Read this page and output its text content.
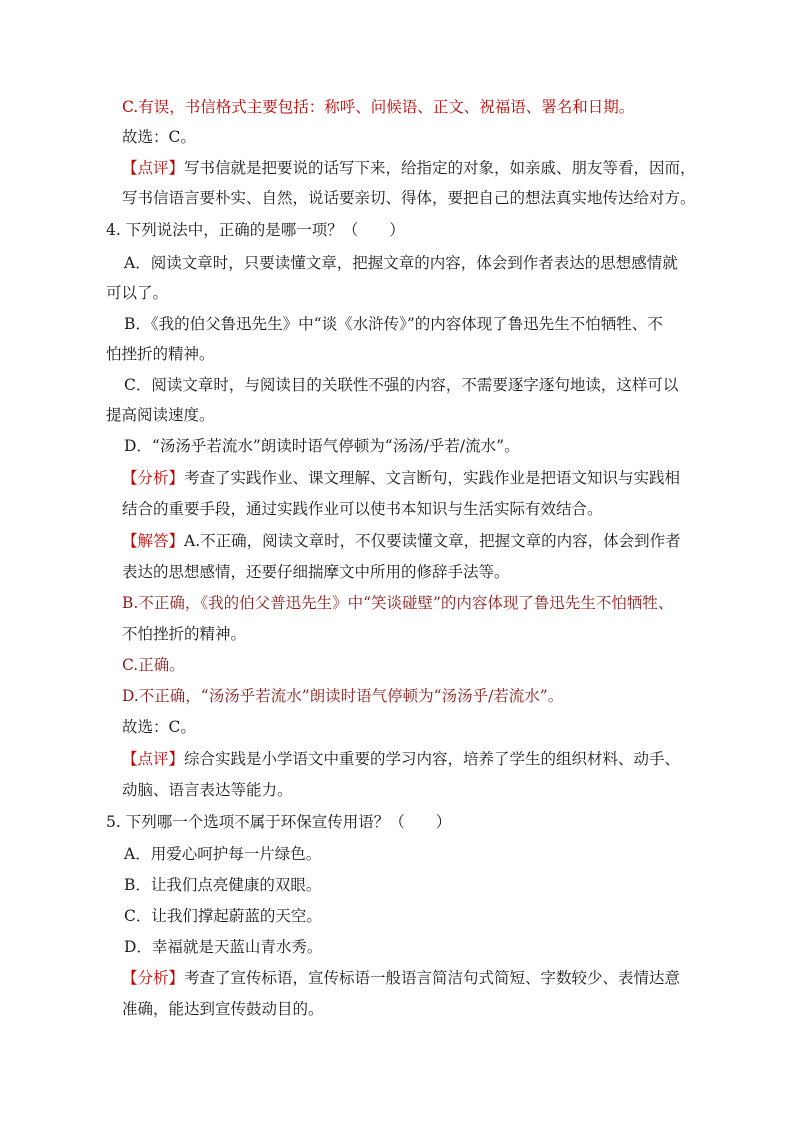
C.有误，书信格式主要包括：称呼、问候语、正文、祝福语、署名和日期。
故选：C。
【点评】写书信就是把要说的话写下来，给指定的对象，如亲戚、朋友等看，因而，
写书信语言要朴实、自然，说话要亲切、得体，要把自己的想法真实地传达给对方。
4. 下列说法中，正确的是哪一项？（　　）
A．阅读文章时，只要读懂文章，把握文章的内容，体会到作者表达的思想感情就
可以了。
B．《我的伯父鲁迅先生》中“谈《水浒传》”的内容体现了鲁迅先生不怕牺牲、不
怕挫折的精神。
C．阅读文章时，与阅读目的关联性不强的内容，不需要逐字逐句地读，这样可以
提高阅读速度。
D．“汤汤乎若流水”朗读时语气停顿为“汤汤/乎若/流水”。
【分析】考查了实践作业、课文理解、文言断句，实践作业是把语文知识与实践相
结合的重要手段，通过实践作业可以使书本知识与生活实际有效结合。
【解答】A.不正确，阅读文章时，不仅要读懂文章，把握文章的内容，体会到作者
表达的思想感情，还要仔细揣摩文中所用的修辞手法等。
B.不正确，《我的伯父普迅先生》中“笑谈碰壁”的内容体现了鲁迅先生不怕牺牲、
不怕挫折的精神。
C.正确。
D.不正确，“汤汤乎若流水”朗读时语气停顿为“汤汤乎/若流水”。
故选：C。
【点评】综合实践是小学语文中重要的学习内容，培养了学生的组织材料、动手、
动脑、语言表达等能力。
5. 下列哪一个选项不属于环保宣传用语？（　　）
A．用爱心呵护每一片绿色。
B．让我们点亮健康的双眼。
C．让我们撑起蔚蓝的天空。
D．幸福就是天蓝山青水秀。
【分析】考查了宣传标语，宣传标语一般语言简洁句式简短、字数较少、表情达意
准确，能达到宣传鼓动目的。
